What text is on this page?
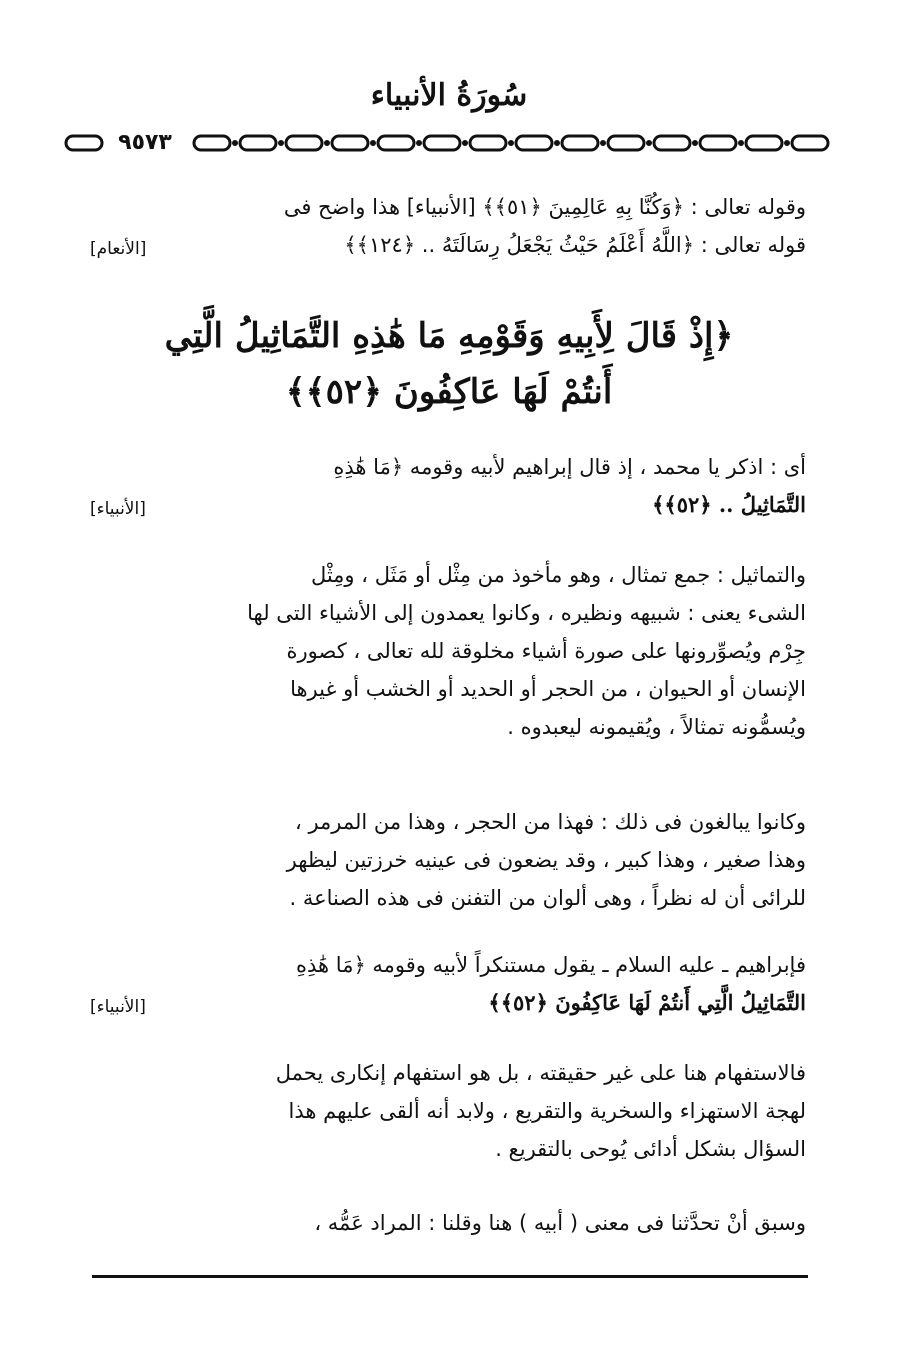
سُورَةُ الأنبياء
٩٥٧٣

وقوله تعالى : ﴿وَكُنَّا بِهِ عَالِمِينَ ﴿٥١﴾﴾ [الأنبياء] هذا واضح فى

قوله تعالى : ﴿اللَّهُ أَعْلَمُ حَيْثُ يَجْعَلُ رِسَالَتَهُ .. ﴿١٢٤﴾﴾
[الأنعام]

﴿إِذْ قَالَ لِأَبِيهِ وَقَوْمِهِ مَا هَٰذِهِ التَّمَاثِيلُ الَّتِي
أَنتُمْ لَهَا عَاكِفُونَ ﴿٥٢﴾﴾

أى : اذكر يا محمد ، إذ قال إبراهيم لأبيه وقومه ﴿مَا هَٰذِهِ

التَّمَاثِيلُ .. ﴿٥٢﴾﴾
[الأنبياء]

والتماثيل : جمع تمثال ، وهو مأخوذ من مِثْل أو مَثَل ، ومِثْل

الشىء يعنى : شبيهه ونظيره ، وكانوا يعمدون إلى الأشياء التى لها

جِرْم ويُصوِّرونها على صورة أشياء مخلوقة لله تعالى ، كصورة

الإنسان أو الحيوان ، من الحجر أو الحديد أو الخشب أو غيرها

ويُسمُّونه تمثالاً ، ويُقيمونه ليعبدوه .

وكانوا يبالغون فى ذلك : فهذا من الحجر ، وهذا من المرمر ،

وهذا صغير ، وهذا كبير ، وقد يضعون فى عينيه خرزتين ليظهر

للرائى أن له نظراً ، وهى ألوان من التفنن فى هذه الصناعة .

فإبراهيم ـ عليه السلام ـ يقول مستنكراً لأبيه وقومه ﴿مَا هَٰذِهِ

التَّمَاثِيلُ الَّتِي أَنتُمْ لَهَا عَاكِفُونَ ﴿٥٢﴾﴾
[الأنبياء]

فالاستفهام هنا على غير حقيقته ، بل هو استفهام إنكارى يحمل

لهجة الاستهزاء والسخرية والتقريع ، ولابد أنه ألقى عليهم هذا

السؤال بشكل أدائى يُوحى بالتقريع .

وسبق أنْ تحدَّثنا فى معنى ( أبيه ) هنا وقلنا : المراد عَمُّه ،
